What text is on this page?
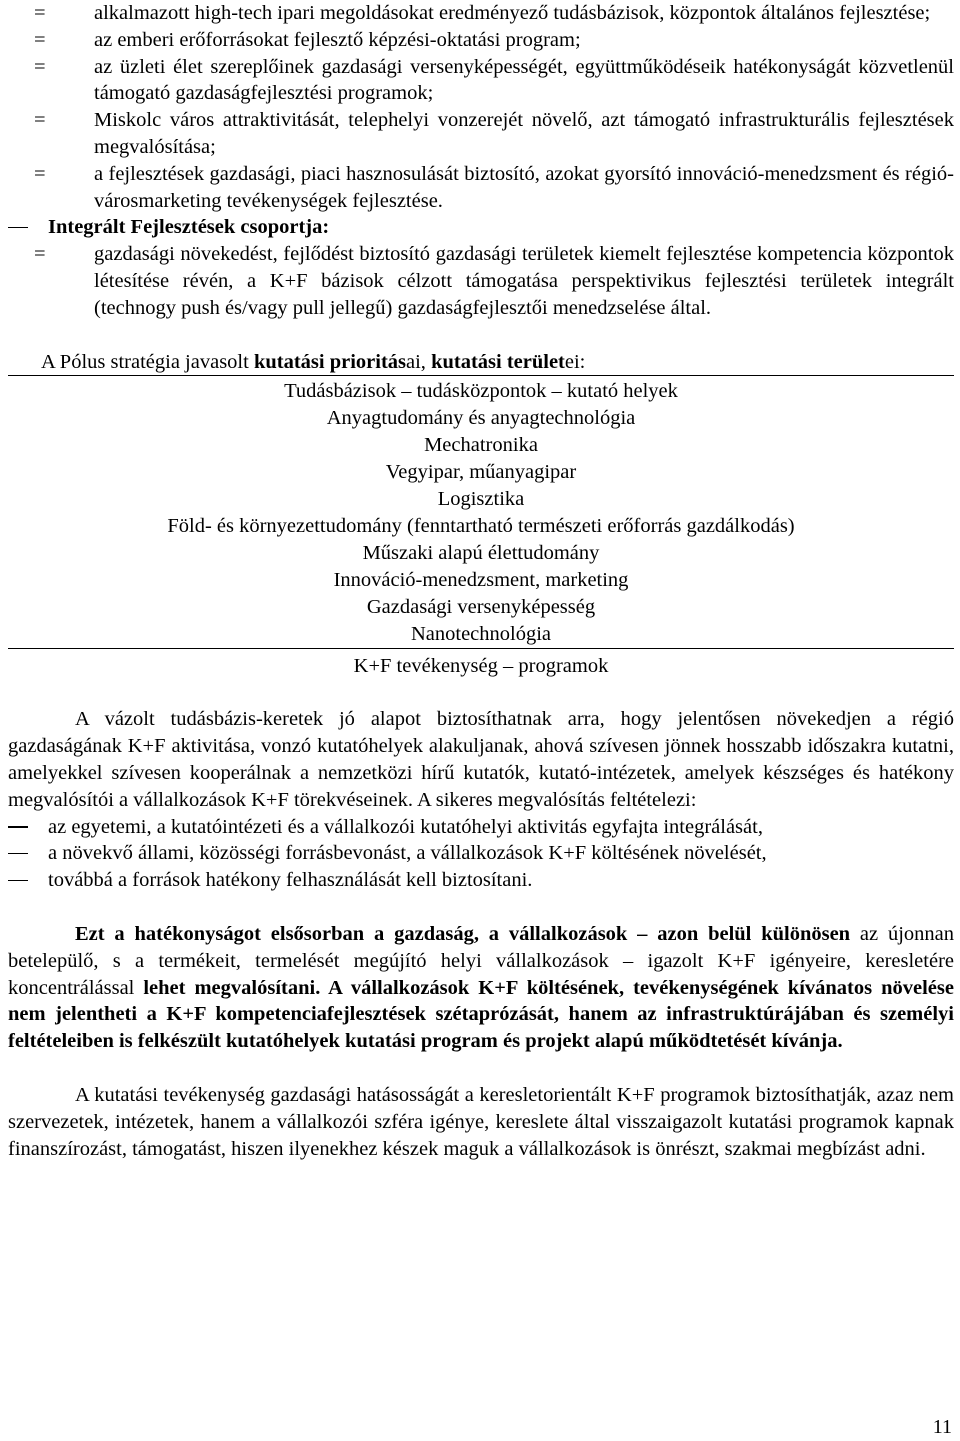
=	alkalmazott high-tech ipari megoldásokat eredményező tudásbázisok, központok általános fejlesztése;
=	az emberi erőforrásokat fejlesztő képzési-oktatási program;
=	az üzleti élet szereplőinek gazdasági versenyképességét, együttműködéseik hatékonyságát közvetlenül támogató gazdaságfejlesztési programok;
=	Miskolc város attraktivitását, telephelyi vonzerejét növelő, azt támogató infrastrukturális fejlesztések megvalósítása;
=	a fejlesztések gazdasági, piaci hasznosulását biztosító, azokat gyorsító innováció-menedzsment és régió-városmarketing tevékenységek fejlesztése.
Integrált Fejlesztések csoportja:
=	gazdasági növekedést, fejlődést biztosító gazdasági területek kiemelt fejlesztése kompetencia központok létesítése révén, a K+F bázisok célzott támogatása perspektivikus fejlesztési területek integrált (technogy push és/vagy pull jellegű) gazdaságfejlesztői menedzselése által.
A Pólus stratégia javasolt kutatási prioritásai, kutatási területei:
Tudásbázisok – tudásközpontok – kutató helyek
Anyagtudomány és anyagtechnológia
Mechatronika
Vegyipar, műanyagipar
Logisztika
Föld- és környezettudomány (fenntartható természeti erőforrás gazdálkodás)
Műszaki alapú élettudomány
Innováció-menedzsment, marketing
Gazdasági versenyképesség
Nanotechnológia
K+F tevékenység – programok

A vázolt tudásbázis-keretek jó alapot biztosíthatnak arra, hogy jelentősen növekedjen a régió gazdaságának K+F aktivitása, vonzó kutatóhelyek alakuljanak, ahová szívesen jönnek hosszabb időszakra kutatni, amelyekkel szívesen kooperálnak a nemzetközi hírű kutatók, kutató-intézetek, amelyek készséges és hatékony megvalósítói a vállalkozások K+F törekvéseinek. A sikeres megvalósítás feltételezi:

az egyetemi, a kutatóintézeti és a vállalkozói kutatóhelyi aktivitás egyfajta integrálását,
a növekvő állami, közösségi forrásbevonást, a vállalkozások K+F költésének növelését,
továbbá a források hatékony felhasználását kell biztosítani.

Ezt a hatékonyságot elsősorban a gazdaság, a vállalkozások – azon belül különösen az újonnan betelepülő, s a termékeit, termelését megújító helyi vállalkozások – igazolt K+F igényeire, keresletére koncentrálással lehet megvalósítani. A vállalkozások K+F költésének, tevékenységének kívánatos növelése nem jelentheti a K+F kompetenciafejlesztések szétaprózását, hanem az infrastruktúrájában és személyi feltételeiben is felkészült kutatóhelyek kutatási program és projekt alapú működtetését kívánja.

A kutatási tevékenység gazdasági hatásosságát a keresletorientált K+F programok biztosíthatják, azaz nem szervezetek, intézetek, hanem a vállalkozói szféra igénye, kereslete által visszaigazolt kutatási programok kapnak finanszírozást, támogatást, hiszen ilyenekhez készek maguk a vállalkozások is önrészt, szakmai megbízást adni.

11
